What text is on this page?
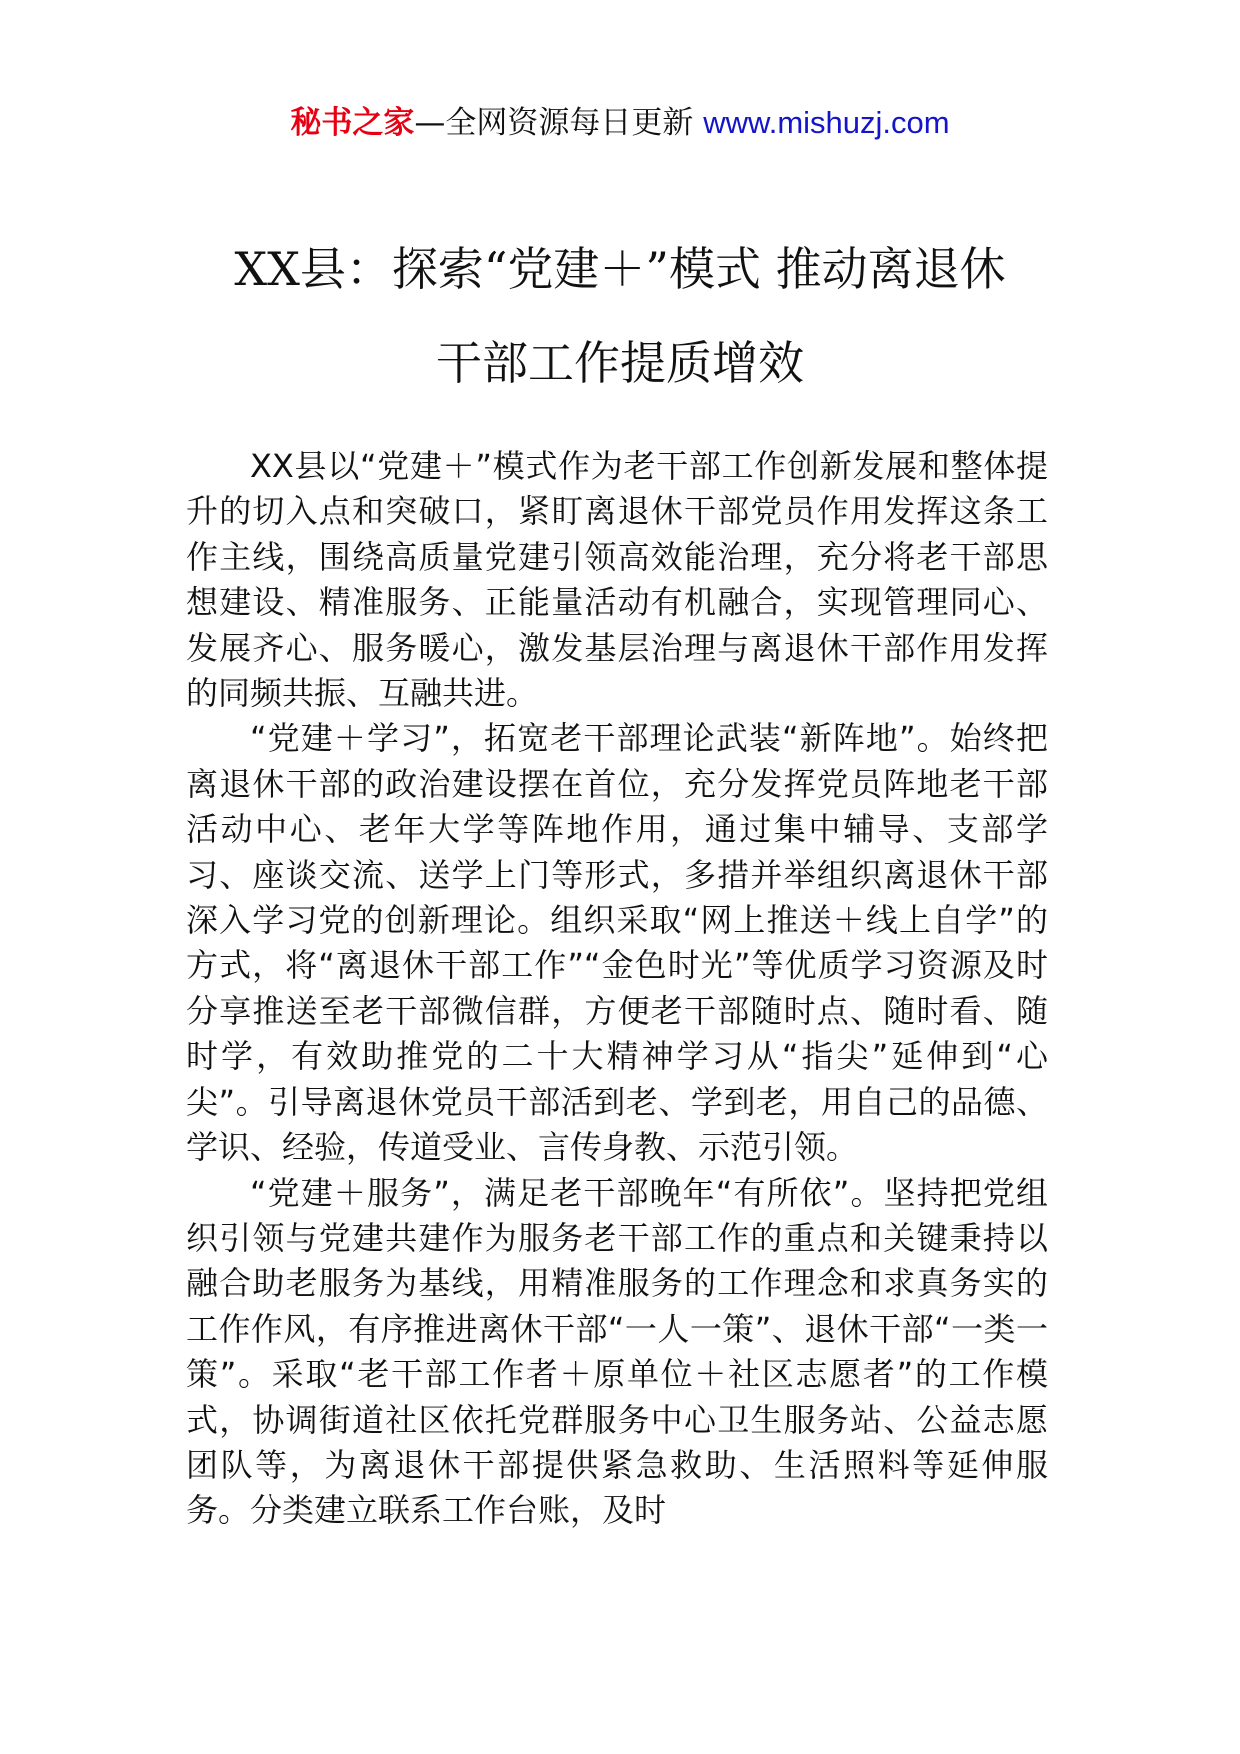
秘书之家—全网资源每日更新 www.mishuzj.com
XX县：探索“党建＋”模式 推动离退休
干部工作提质增效

XX县以“党建＋”模式作为老干部工作创新发展和整体提升的切入点和突破口，紧盯离退休干部党员作用发挥这条工作主线，围绕高质量党建引领高效能治理，充分将老干部思想建设、精准服务、正能量活动有机融合，实现管理同心、发展齐心、服务暖心，激发基层治理与离退休干部作用发挥的同频共振、互融共进。

“党建＋学习”，拓宽老干部理论武装“新阵地”。始终把离退休干部的政治建设摆在首位，充分发挥党员阵地老干部活动中心、老年大学等阵地作用，通过集中辅导、支部学习、座谈交流、送学上门等形式，多措并举组织离退休干部深入学习党的创新理论。组织采取“网上推送＋线上自学”的方式，将“离退休干部工作”“金色时光”等优质学习资源及时分享推送至老干部微信群，方便老干部随时点、随时看、随时学，有效助推党的二十大精神学习从“指尖”延伸到“心尖”。引导离退休党员干部活到老、学到老，用自己的品德、学识、经验，传道受业、言传身教、示范引领。

“党建＋服务”，满足老干部晚年“有所依”。坚持把党组织引领与党建共建作为服务老干部工作的重点和关键秉持以融合助老服务为基线，用精准服务的工作理念和求真务实的工作作风，有序推进离休干部“一人一策”、退休干部“一类一策”。采取“老干部工作者＋原单位＋社区志愿者”的工作模式，协调街道社区依托党群服务中心卫生服务站、公益志愿团队等，为离退休干部提供紧急救助、生活照料等延伸服务。分类建立联系工作台账，及时
